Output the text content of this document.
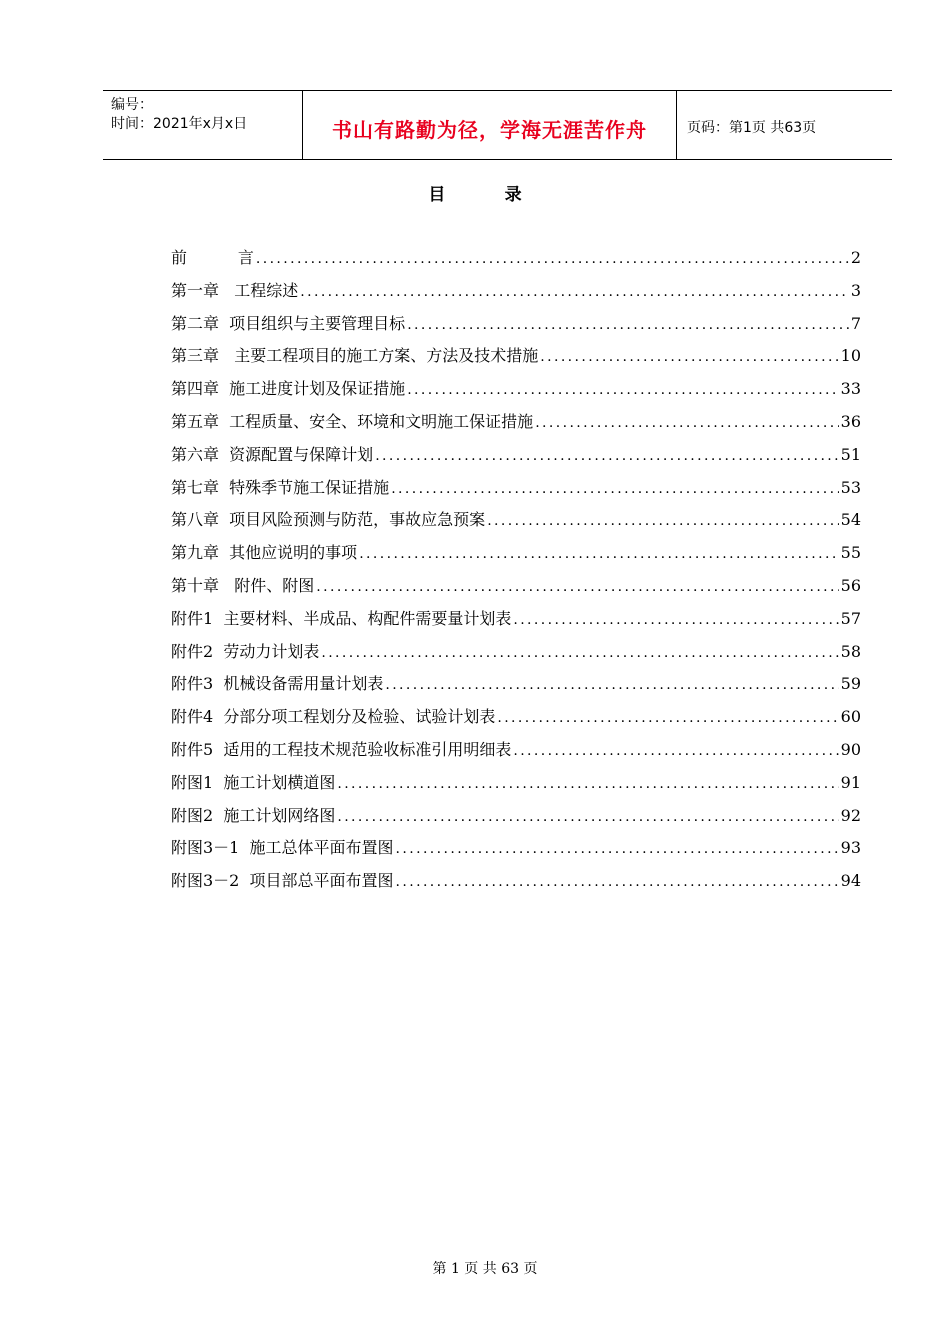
编号：
时间：2021年x月x日	书山有路勤为径，学海无涯苦作舟	页码：第1页 共63页
目          录
前          言 .....	2
第一章   工程综述 .....	3
第二章  项目组织与主要管理目标 .....	7
第三章   主要工程项目的施工方案、方法及技术措施 .....	10
第四章  施工进度计划及保证措施 .....	33
第五章  工程质量、安全、环境和文明施工保证措施 .....	36
第六章  资源配置与保障计划 .....	51
第七章  特殊季节施工保证措施 .....	53
第八章  项目风险预测与防范，事故应急预案 .....	54
第九章  其他应说明的事项 .....	55
第十章   附件、附图 .....	56
附件1  主要材料、半成品、构配件需要量计划表 .....	57
附件2  劳动力计划表 .....	58
附件3  机械设备需用量计划表 .....	59
附件4  分部分项工程划分及检验、试验计划表 .....	60
附件5  适用的工程技术规范验收标准引用明细表 .....	90
附图1  施工计划横道图 .....	91
附图2  施工计划网络图 .....	92
附图3－1  施工总体平面布置图 .....	93
附图3－2  项目部总平面布置图 .....	94
第 1 页 共 63 页
